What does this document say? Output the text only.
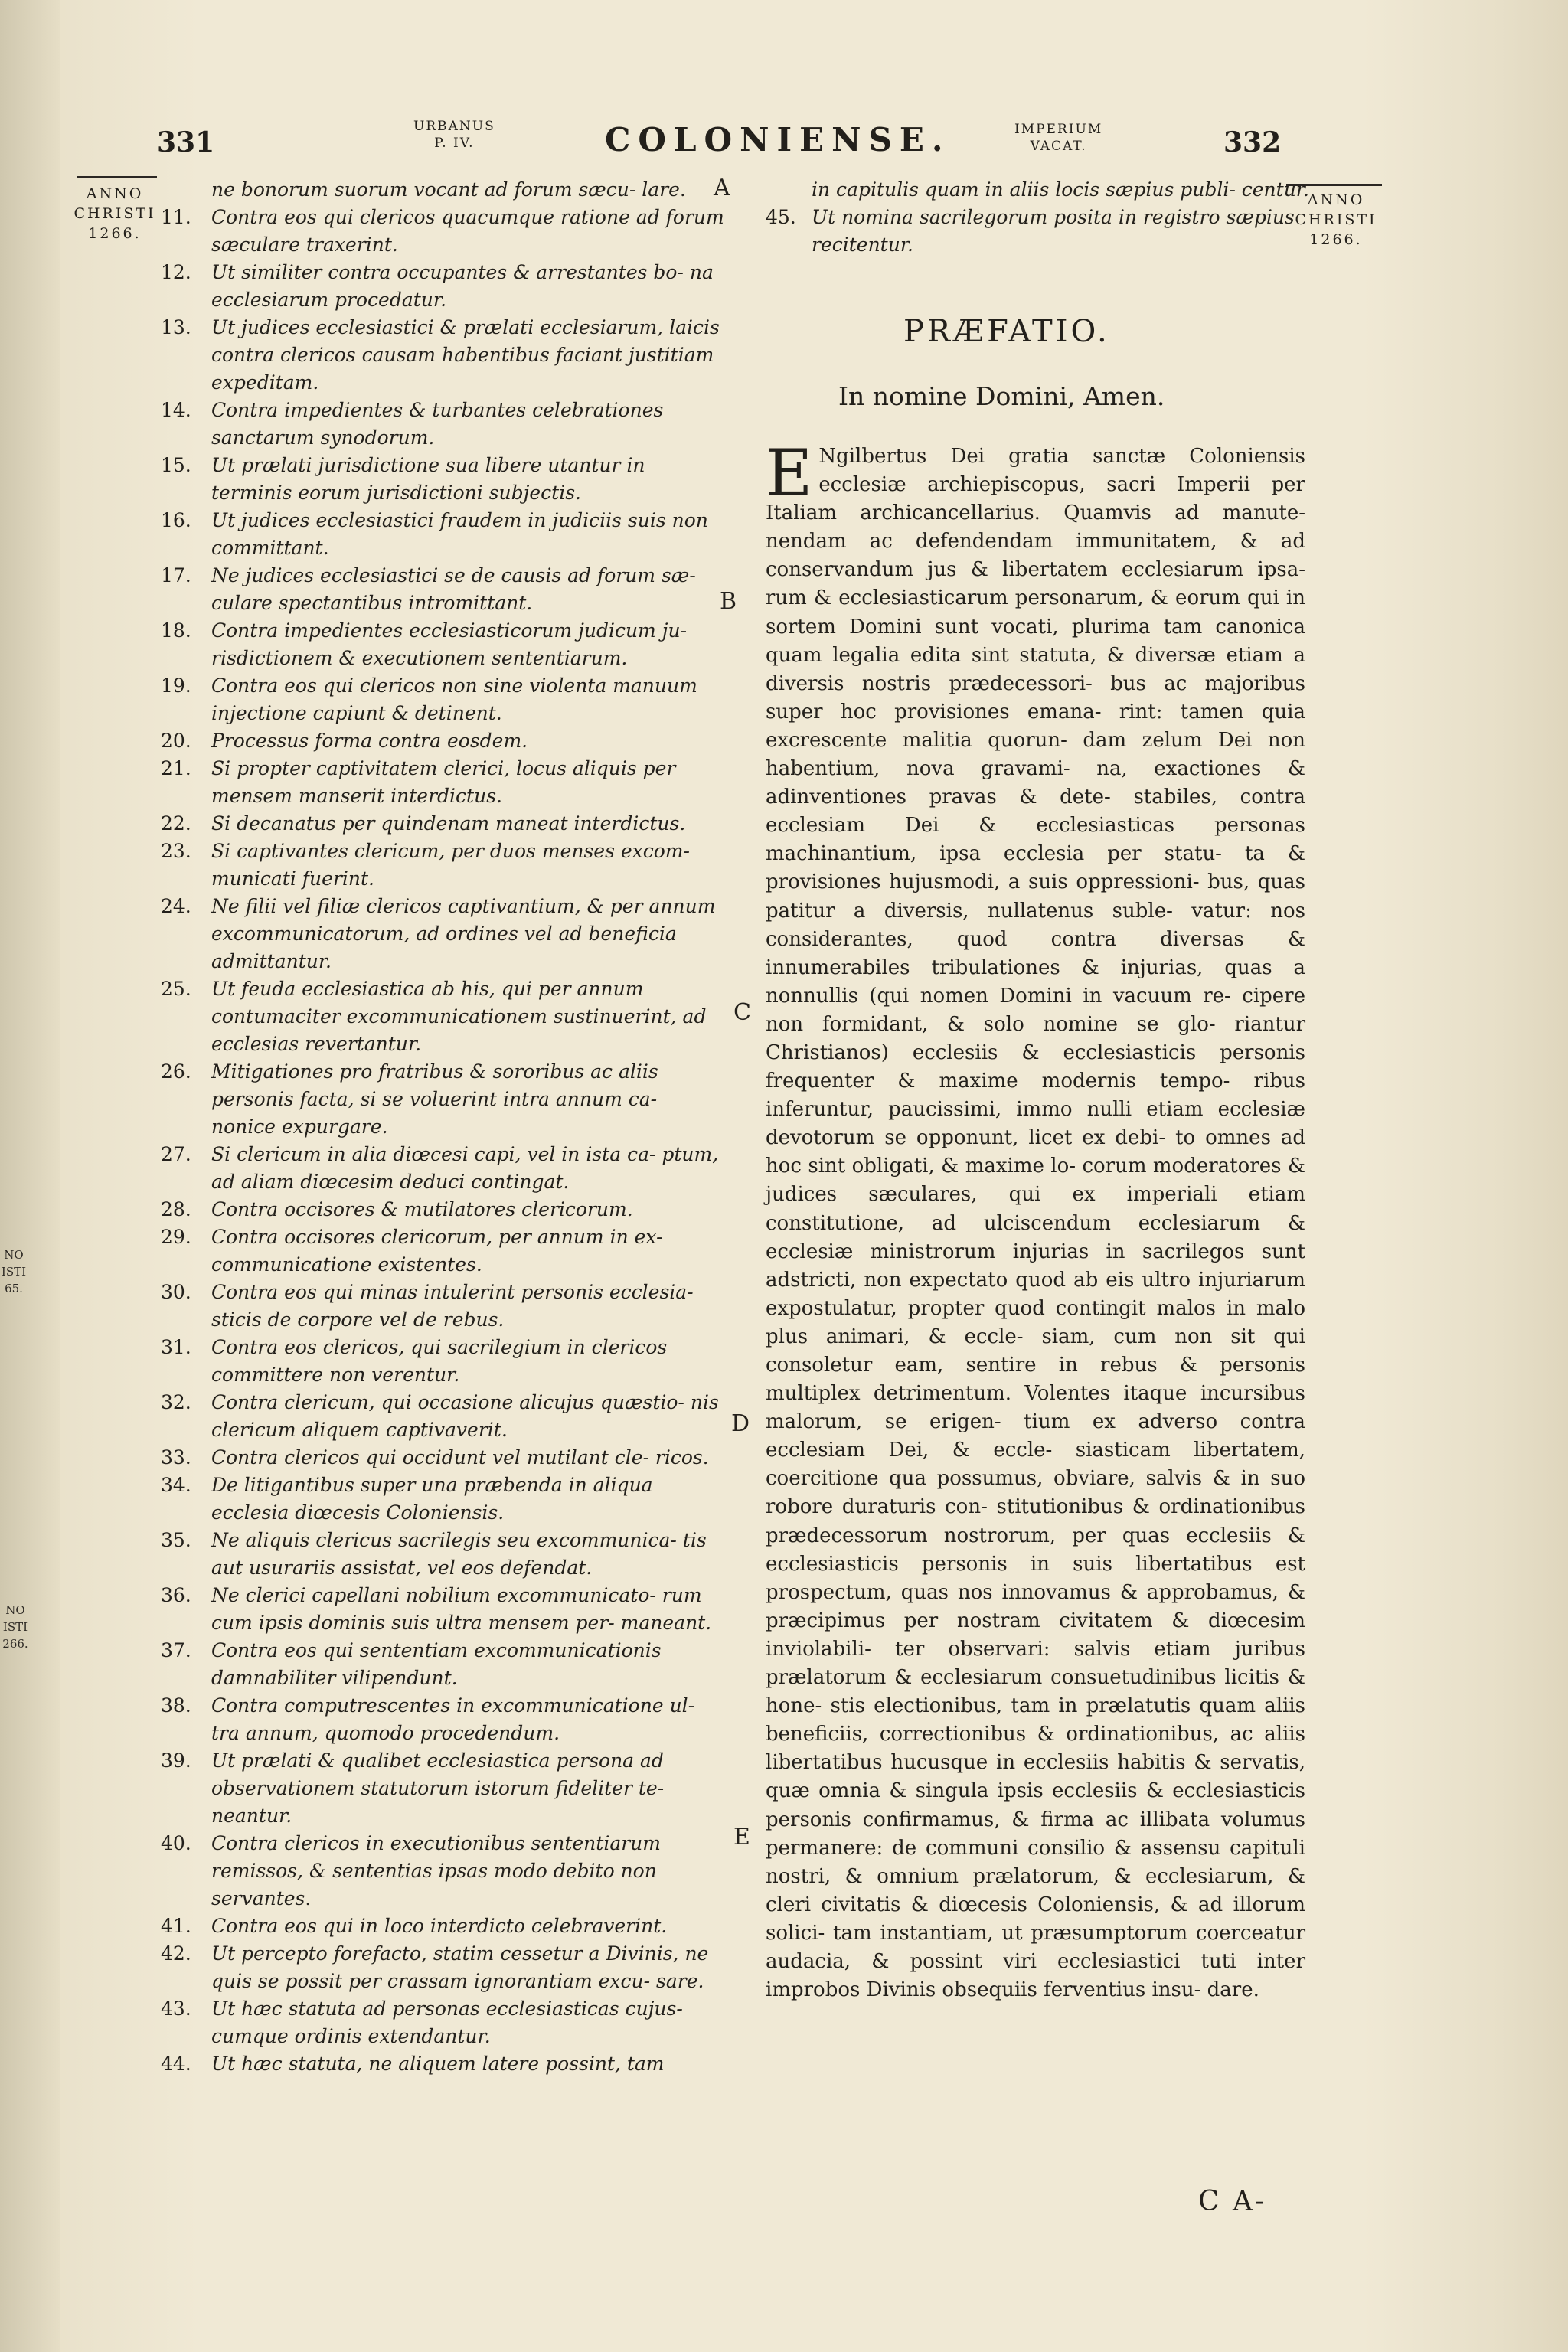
NO
ISTI
65.
NO
ISTI
266.
331	URBANUS
P. IV.	COLONIENSE.	IMPERIUM
VACAT.	332
ANNO
CHRISTI
1266.
ANNO
CHRISTI
1266.
A
B
C
D
E
ne bonorum suorum vocant ad forum sæcu- lare.
11.	Contra eos qui clericos quacumque ratione ad forum sæculare traxerint.
12.	Ut similiter contra occupantes & arrestantes bo- na ecclesiarum procedatur.
13.	Ut judices ecclesiastici & prælati ecclesiarum, laicis contra clericos causam habentibus faciant justitiam expeditam.
14.	Contra impedientes & turbantes celebrationes sanctarum synodorum.
15.	Ut prælati jurisdictione sua libere utantur in terminis eorum jurisdictioni subjectis.
16.	Ut judices ecclesiastici fraudem in judiciis suis non committant.
17.	Ne judices ecclesiastici se de causis ad forum sæ- culare spectantibus intromittant.
18.	Contra impedientes ecclesiasticorum judicum ju- risdictionem & executionem sententiarum.
19.	Contra eos qui clericos non sine violenta manuum injectione capiunt & detinent.
20.	Processus forma contra eosdem.
21.	Si propter captivitatem clerici, locus aliquis per mensem manserit interdictus.
22.	Si decanatus per quindenam maneat interdictus.
23.	Si captivantes clericum, per duos menses excom- municati fuerint.
24.	Ne filii vel filiæ clericos captivantium, & per annum excommunicatorum, ad ordines vel ad beneficia admittantur.
25.	Ut feuda ecclesiastica ab his, qui per annum contumaciter excommunicationem sustinuerint, ad ecclesias revertantur.
26.	Mitigationes pro fratribus & sororibus ac aliis personis facta, si se voluerint intra annum ca- nonice expurgare.
27.	Si clericum in alia diœcesi capi, vel in ista ca- ptum, ad aliam diœcesim deduci contingat.
28.	Contra occisores & mutilatores clericorum.
29.	Contra occisores clericorum, per annum in ex- communicatione existentes.
30.	Contra eos qui minas intulerint personis ecclesia- sticis de corpore vel de rebus.
31.	Contra eos clericos, qui sacrilegium in clericos committere non verentur.
32.	Contra clericum, qui occasione alicujus quæstio- nis clericum aliquem captivaverit.
33.	Contra clericos qui occidunt vel mutilant cle- ricos.
34.	De litigantibus super una præbenda in aliqua ecclesia diœcesis Coloniensis.
35.	Ne aliquis clericus sacrilegis seu excommunica- tis aut usurariis assistat, vel eos defendat.
36.	Ne clerici capellani nobilium excommunicato- rum cum ipsis dominis suis ultra mensem per- maneant.
37.	Contra eos qui sententiam excommunicationis damnabiliter vilipendunt.
38.	Contra computrescentes in excommunicatione ul- tra annum, quomodo procedendum.
39.	Ut prælati & qualibet ecclesiastica persona ad observationem statutorum istorum fideliter te- neantur.
40.	Contra clericos in executionibus sententiarum remissos, & sententias ipsas modo debito non servantes.
41.	Contra eos qui in loco interdicto celebraverint.
42.	Ut percepto forefacto, statim cessetur a Divinis, ne quis se possit per crassam ignorantiam excu- sare.
43.	Ut hæc statuta ad personas ecclesiasticas cujus- cumque ordinis extendantur.
44.	Ut hæc statuta, ne aliquem latere possint, tam
in capitulis quam in aliis locis sæpius publi- centur.
45. Ut nomina sacrilegorum posita in registro sæpius recitentur.
PRÆFATIO.
In nomine Domini, Amen.
E Ngilbertus Dei gratia sanctæ Coloniensis ecclesiæ archiepiscopus, sacri Imperii per Italiam archicancellarius. Quamvis ad manute- nendam ac defendendam immunitatem, & ad conservandum jus & libertatem ecclesiarum ipsa- rum & ecclesiasticarum personarum, & eorum qui in sortem Domini sunt vocati, plurima tam canonica quam legalia edita sint statuta, & diversæ etiam a diversis nostris prædecessori- bus ac majoribus super hoc provisiones emana- rint: tamen quia excrescente malitia quorun- dam zelum Dei non habentium, nova gravami- na, exactiones & adinventiones pravas & dete- stabiles, contra ecclesiam Dei & ecclesiasticas personas machinantium, ipsa ecclesia per statu- ta & provisiones hujusmodi, a suis oppressioni- bus, quas patitur a diversis, nullatenus suble- vatur: nos considerantes, quod contra diversas & innumerabiles tribulationes & injurias, quas a nonnullis (qui nomen Domini in vacuum re- cipere non formidant, & solo nomine se glo- riantur Christianos) ecclesiis & ecclesiasticis personis frequenter & maxime modernis tempo- ribus inferuntur, paucissimi, immo nulli etiam ecclesiæ devotorum se opponunt, licet ex debi- to omnes ad hoc sint obligati, & maxime lo- corum moderatores & judices sæculares, qui ex imperiali etiam constitutione, ad ulciscendum ecclesiarum & ecclesiæ ministrorum injurias in sacrilegos sunt adstricti, non expectato quod ab eis ultro injuriarum expostulatur, propter quod contingit malos in malo plus animari, & eccle- siam, cum non sit qui consoletur eam, sentire in rebus & personis multiplex detrimentum. Volentes itaque incursibus malorum, se erigen- tium ex adverso contra ecclesiam Dei, & eccle- siasticam libertatem, coercitione qua possumus, obviare, salvis & in suo robore duraturis con- stitutionibus & ordinationibus prædecessorum nostrorum, per quas ecclesiis & ecclesiasticis personis in suis libertatibus est prospectum, quas nos innovamus & approbamus, & præcipimus per nostram civitatem & diœcesim inviolabili- ter observari: salvis etiam juribus prælatorum & ecclesiarum consuetudinibus licitis & hone- stis electionibus, tam in prælatutis quam aliis beneficiis, correctionibus & ordinationibus, ac aliis libertatibus hucusque in ecclesiis habitis & servatis, quæ omnia & singula ipsis ecclesiis & ecclesiasticis personis confirmamus, & firma ac illibata volumus permanere: de communi consilio & assensu capituli nostri, & omnium prælatorum, & ecclesiarum, & cleri civitatis & diœcesis Coloniensis, & ad illorum solici- tam instantiam, ut præsumptorum coerceatur audacia, & possint viri ecclesiastici tuti inter improbos Divinis obsequiis ferventius insu- dare.
C A-
